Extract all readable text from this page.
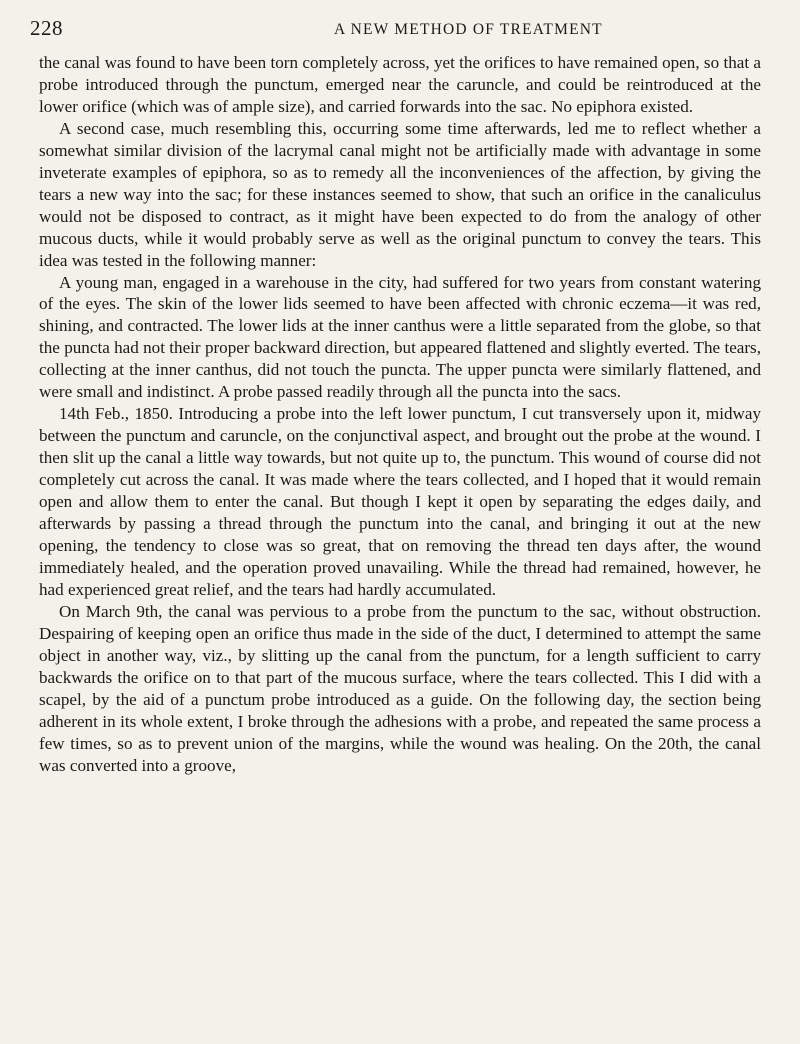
228	A NEW METHOD OF TREATMENT

the canal was found to have been torn completely across, yet the orifices to have remained open, so that a probe introduced through the punctum, emerged near the caruncle, and could be reintroduced at the lower orifice (which was of ample size), and carried forwards into the sac. No epiphora existed.

A second case, much resembling this, occurring some time afterwards, led me to reflect whether a somewhat similar division of the lacrymal canal might not be artificially made with advantage in some inveterate examples of epiphora, so as to remedy all the inconveniences of the affection, by giving the tears a new way into the sac; for these instances seemed to show, that such an orifice in the canaliculus would not be disposed to contract, as it might have been expected to do from the analogy of other mucous ducts, while it would probably serve as well as the original punctum to convey the tears. This idea was tested in the following manner:

A young man, engaged in a warehouse in the city, had suffered for two years from constant watering of the eyes. The skin of the lower lids seemed to have been affected with chronic eczema—it was red, shining, and contracted. The lower lids at the inner canthus were a little separated from the globe, so that the puncta had not their proper backward direction, but appeared flattened and slightly everted. The tears, collecting at the inner canthus, did not touch the puncta. The upper puncta were similarly flattened, and were small and indistinct. A probe passed readily through all the puncta into the sacs.

14th Feb., 1850. Introducing a probe into the left lower punctum, I cut transversely upon it, midway between the punctum and caruncle, on the conjunctival aspect, and brought out the probe at the wound. I then slit up the canal a little way towards, but not quite up to, the punctum. This wound of course did not completely cut across the canal. It was made where the tears collected, and I hoped that it would remain open and allow them to enter the canal. But though I kept it open by separating the edges daily, and afterwards by passing a thread through the punctum into the canal, and bringing it out at the new opening, the tendency to close was so great, that on removing the thread ten days after, the wound immediately healed, and the operation proved unavailing. While the thread had remained, however, he had experienced great relief, and the tears had hardly accumulated.

On March 9th, the canal was pervious to a probe from the punctum to the sac, without obstruction. Despairing of keeping open an orifice thus made in the side of the duct, I determined to attempt the same object in another way, viz., by slitting up the canal from the punctum, for a length sufficient to carry backwards the orifice on to that part of the mucous surface, where the tears collected. This I did with a scapel, by the aid of a punctum probe introduced as a guide. On the following day, the section being adherent in its whole extent, I broke through the adhesions with a probe, and repeated the same process a few times, so as to prevent union of the margins, while the wound was healing. On the 20th, the canal was converted into a groove,
